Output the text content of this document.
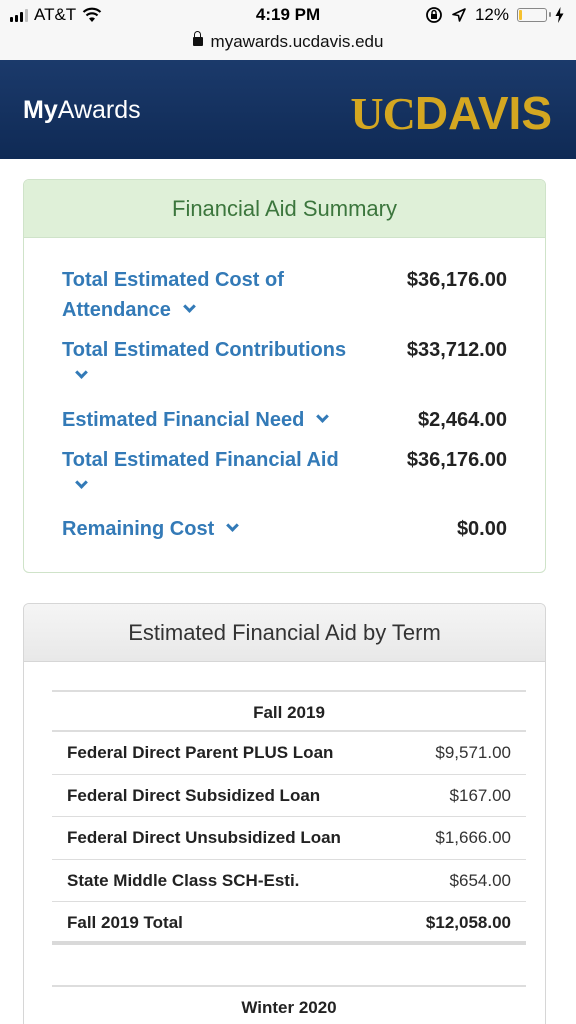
AT&T	4:19 PM	12%
myawards.ucdavis.edu
MyAwards	UCDAVIS
Financial Aid Summary
Total Estimated Cost of
Attendance
$36,176.00
Total Estimated Contributions	$33,712.00
Estimated Financial Need	$2,464.00
Total Estimated Financial Aid	$36,176.00
Remaining Cost	$0.00
Estimated Financial Aid by Term
Fall 2019
Federal Direct Parent PLUS Loan	$9,571.00
Federal Direct Subsidized Loan	$167.00
Federal Direct Unsubsidized Loan	$1,666.00
State Middle Class SCH-Esti.	$654.00
Fall 2019 Total	$12,058.00
Winter 2020
